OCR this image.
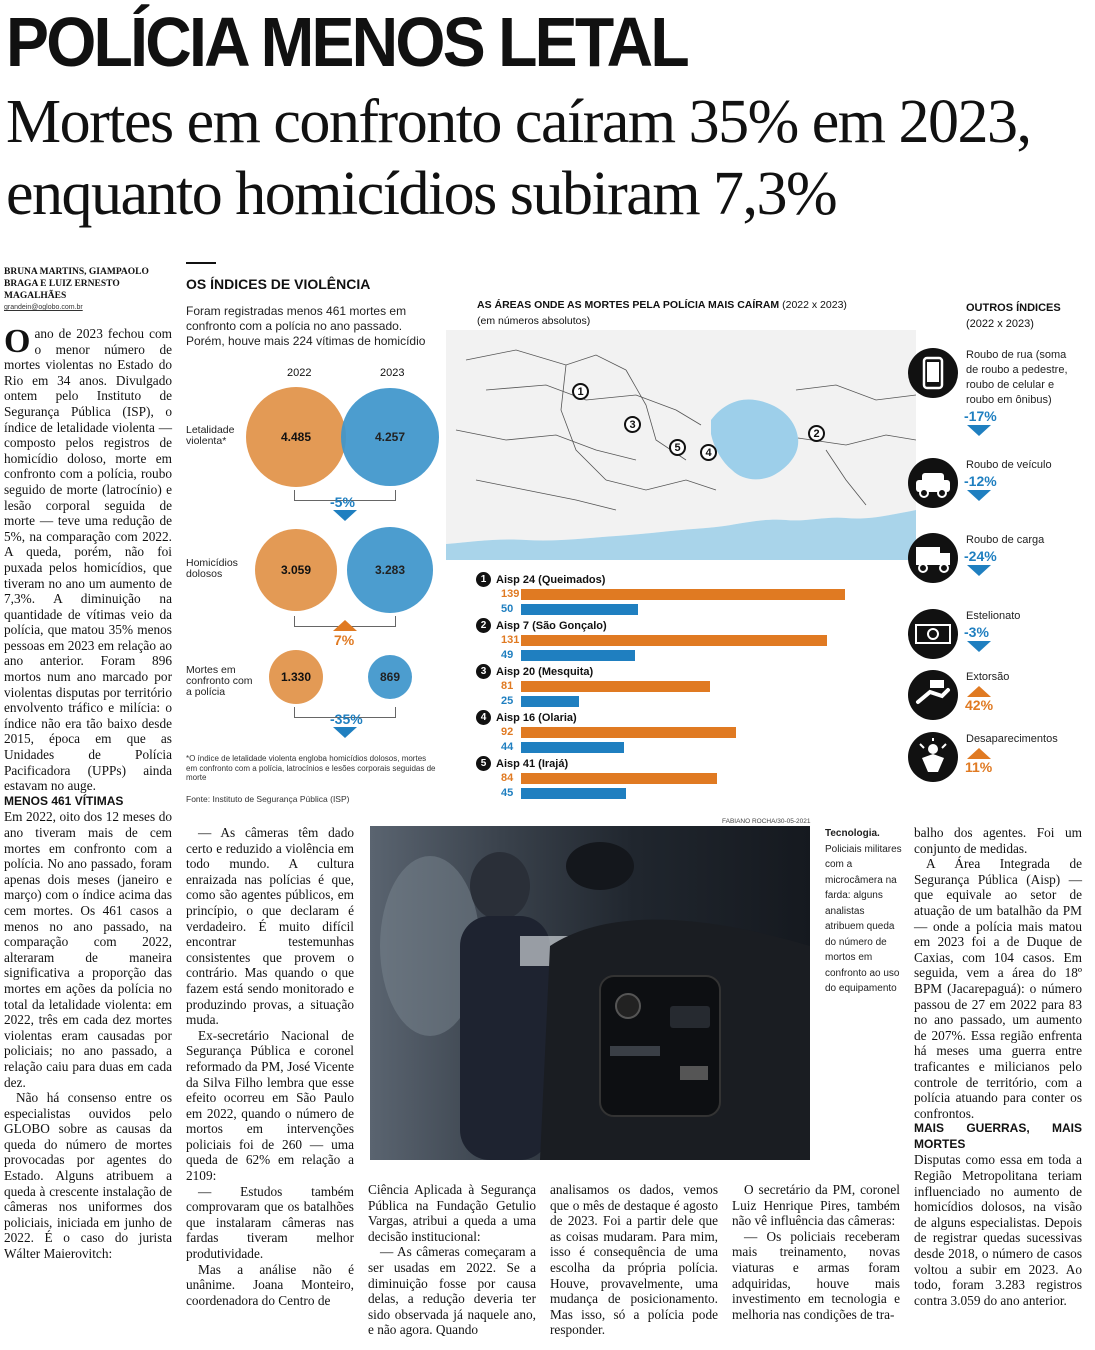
POLÍCIA MENOS LETAL
Mortes em confronto caíram 35% em 2023, enquanto homicídios subiram 7,3%
BRUNA MARTINS, GIAMPAOLO BRAGA E LUIZ ERNESTO MAGALHÃES
grandein@oglobo.com.br

Oano de 2023 fechou com o menor número de mortes violentas no Estado do Rio em 34 anos. Divulgado ontem pelo Instituto de Segurança Pública (ISP), o índice de letalidade violenta — composto pelos registros de homicídio doloso, morte em confronto com a polícia, roubo seguido de morte (latrocínio) e lesão corporal seguida de morte — teve uma redução de 5%, na comparação com 2022. A queda, porém, não foi puxada pelos homicídios, que tiveram no ano um aumento de 7,3%. A diminuição na quantidade de vítimas veio da polícia, que matou 35% menos pessoas em 2023 em relação ao ano anterior. Foram 896 mortos num ano marcado por violentas disputas por território envolvento tráfico e milícia: o índice não era tão baixo desde 2015, época em que as Unidades de Polícia Pacificadora (UPPs) ainda estavam no auge.

MENOS 461 VÍTIMAS

Em 2022, oito dos 12 meses do ano tiveram mais de cem mortes em confronto com a polícia. No ano passado, foram apenas dois meses (janeiro e março) com o índice acima das cem mortes. Os 461 casos a menos no ano passado, na comparação com 2022, alteraram de maneira significativa a proporção das mortes em ações da polícia no total da letalidade violenta: em 2022, três em cada dez mortes violentas eram causadas por policiais; no ano passado, a relação caiu para duas em cada dez.

Não há consenso entre os especialistas ouvidos pelo GLOBO sobre as causas da queda do número de mortes provocadas por agentes do Estado. Alguns atribuem a queda à crescente instalação de câmeras nos uniformes dos policiais, iniciada em junho de 2022. É o caso do jurista Wálter Maierovitch:

OS ÍNDICES DE VIOLÊNCIA
Foram registradas menos 461 mortes em confronto com a polícia no ano passado. Porém, houve mais 224 vítimas de homicídio
2022	2023
Letalidade violenta*	4.485	4.257
-5%
Homicídios dolosos	3.059	3.283
7%
Mortes em confronto com a polícia
1.330	869
-35%
*O índice de letalidade violenta engloba homicídios dolosos, mortes em confronto com a polícia, latrocínios e lesões corporais seguidas de morte
Fonte: Instituto de Segurança Pública (ISP)
AS ÁREAS ONDE AS MORTES PELA POLÍCIA MAIS CAÍRAM (2022 x 2023)
(em números absolutos)
1
2
3
4
5
1 Aisp 24 (Queimados)
139
50
2 Aisp 7 (São Gonçalo)
131
49
3 Aisp 20 (Mesquita)
81
25
4 Aisp 16 (Olaria)
92
44
5 Aisp 41 (Irajá)
84
45
OUTROS ÍNDICES
(2022 x 2023)
Roubo de rua (soma de roubo a pedestre, roubo de celular e roubo em ônibus)
-17%
Roubo de veículo
-12%
Roubo de carga
-24%
Estelionato
-3%
Extorsão
42%
Desaparecimentos
11%

— As câmeras têm dado certo e reduzido a violência em todo mundo. A cultura enraizada nas polícias é que, como são agentes públicos, em princípio, o que declaram é verdadeiro. É muito difícil encontrar testemunhas consistentes que provem o contrário. Mas quando o que fazem está sendo monitorado e produzindo provas, a situação muda.

Ex-secretário Nacional de Segurança Pública e coronel reformado da PM, José Vicente da Silva Filho lembra que esse efeito ocorreu em São Paulo em 2022, quando o número de mortos em intervenções policiais foi de 260 — uma queda de 62% em relação a 2109:

— Estudos também comprovaram que os batalhões que instalaram câmeras nas fardas tiveram melhor produtividade.

Mas a análise não é unânime. Joana Monteiro, coordenadora do Centro de

FABIANO ROCHA/30-05-2021
Tecnologia.
Policiais militares com a microcâmera na farda: alguns analistas atribuem queda do número de mortos em confronto ao uso do equipamento

Ciência Aplicada à Segurança Pública na Fundação Getulio Vargas, atribui a queda a uma decisão institucional:

— As câmeras começaram a ser usadas em 2022. Se a diminuição fosse por causa delas, a redução deveria ter sido observada já naquele ano, e não agora. Quando

analisamos os dados, vemos que o mês de destaque é agosto de 2023. Foi a partir dele que as coisas mudaram. Para mim, isso é consequência de uma escolha da própria polícia. Houve, provavelmente, uma mudança de posicionamento. Mas isso, só a polícia pode responder.

O secretário da PM, coronel Luiz Henrique Pires, também não vê influência das câmeras:

— Os policiais receberam mais treinamento, novas viaturas e armas foram adquiridas, houve mais investimento em tecnologia e melhoria nas condições de tra-

balho dos agentes. Foi um conjunto de medidas.

A Área Integrada de Segurança Pública (Aisp) — que equivale ao setor de atuação de um batalhão da PM — onde a polícia mais matou em 2023 foi a de Duque de Caxias, com 104 casos. Em seguida, vem a área do 18º BPM (Jacarepaguá): o número passou de 27 em 2022 para 83 no ano passado, um aumento de 207%. Essa região enfrenta há meses uma guerra entre traficantes e milicianos pelo controle de território, com a polícia atuando para conter os confrontos.

MAIS GUERRAS, MAIS MORTES

Disputas como essa em toda a Região Metropolitana teriam influenciado no aumento de homicídios dolosos, na visão de alguns especialistas. Depois de registrar quedas sucessivas desde 2018, o número de casos voltou a subir em 2023. Ao todo, foram 3.283 registros contra 3.059 do ano anterior.
